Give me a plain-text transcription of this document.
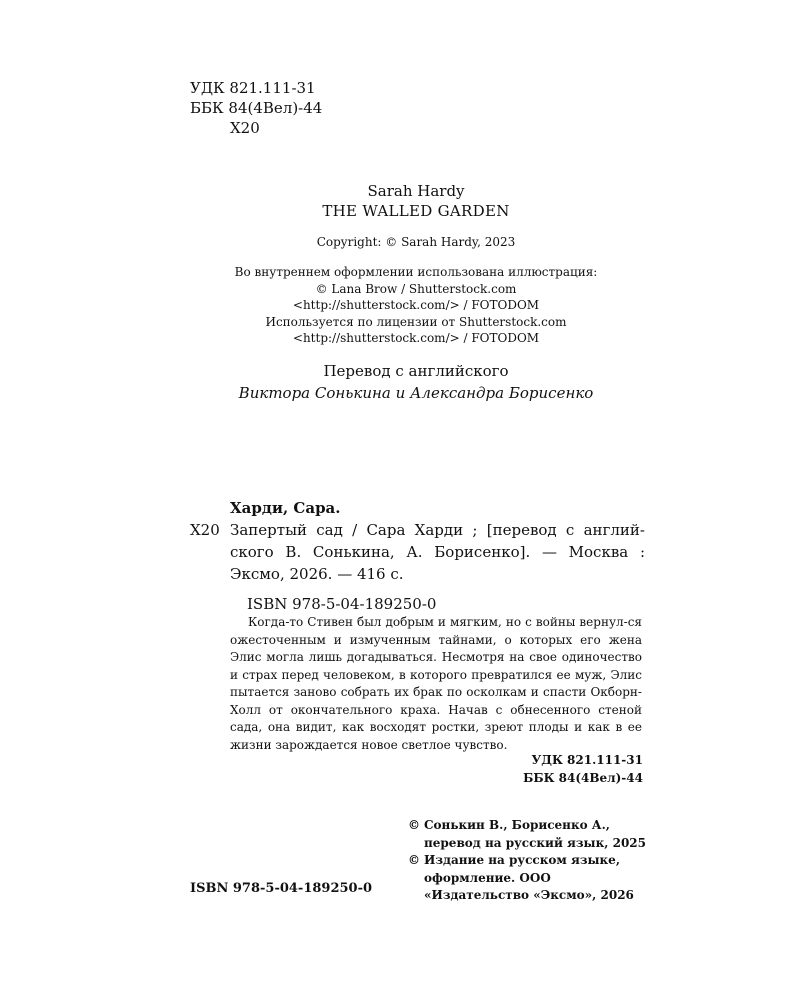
УДК 821.111-31
ББК 84(4Вел)-44
Х20
Sarah Hardy
THE WALLED GARDEN
Copyright: © Sarah Hardy, 2023
Во внутреннем оформлении использована иллюстрация:
© Lana Brow / Shutterstock.com
<http://shutterstock.com/> / FOTODOM
Используется по лицензии от Shutterstock.com
<http://shutterstock.com/> / FOTODOM
Перевод с английского
Виктора Сонькина и Александра Борисенко
Харди, Сара.
Х20 Запертый сад / Сара Харди ; [перевод с англий-ского В. Сонькина, А. Борисенко]. — Москва : Эксмо, 2026. — 416 с.
ISBN 978-5-04-189250-0
Когда-то Стивен был добрым и мягким, но с войны вернул-ся ожесточенным и измученным тайнами, о которых его жена Элис могла лишь догадываться. Несмотря на свое одиночество и страх перед человеком, в которого превратился ее муж, Элис пытается заново собрать их брак по осколкам и спасти Окборн-Холл от окончательного краха. Начав с обнесенного стеной сада, она видит, как восходят ростки, зреют плоды и как в ее жизни зарождается новое светлое чувство.
УДК 821.111-31
ББК 84(4Вел)-44
© Сонькин В., Борисенко А., перевод на русский язык, 2025
© Издание на русском языке, оформление. ООО «Издательство «Эксмо», 2026
ISBN 978-5-04-189250-0
